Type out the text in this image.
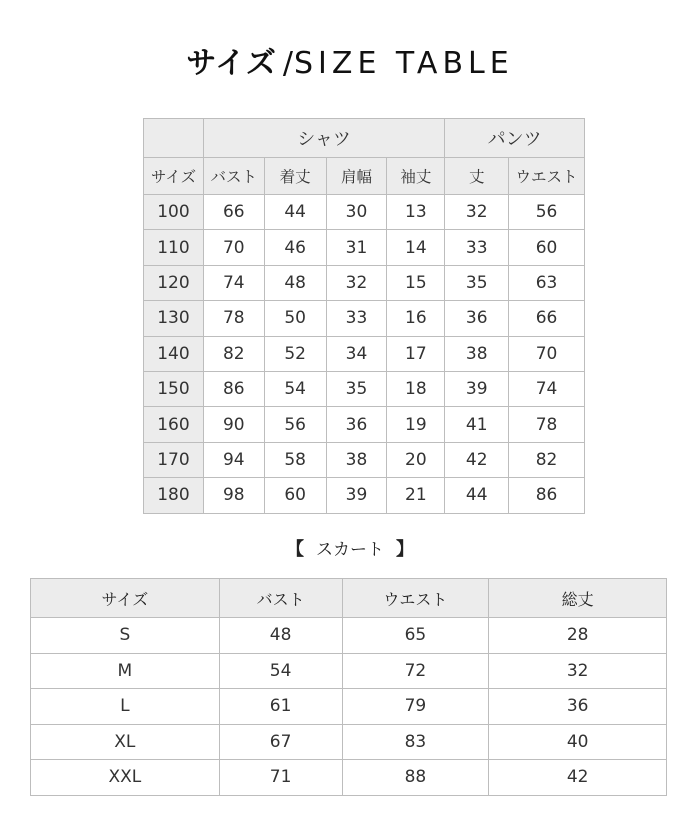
サイズ /SIZE TABLE
	シャツ				パンツ	
サイズ	バスト	着丈	肩幅	袖丈	丈	ウエスト
100	66	44	30	13	32	56
110	70	46	31	14	33	60
120	74	48	32	15	35	63
130	78	50	33	16	36	66
140	82	52	34	17	38	70
150	86	54	35	18	39	74
160	90	56	36	19	41	78
170	94	58	38	20	42	82
180	98	60	39	21	44	86
【 スカート 】
サイズ	バスト	ウエスト	総丈
S	48	65	28
M	54	72	32
L	61	79	36
XL	67	83	40
XXL	71	88	42
